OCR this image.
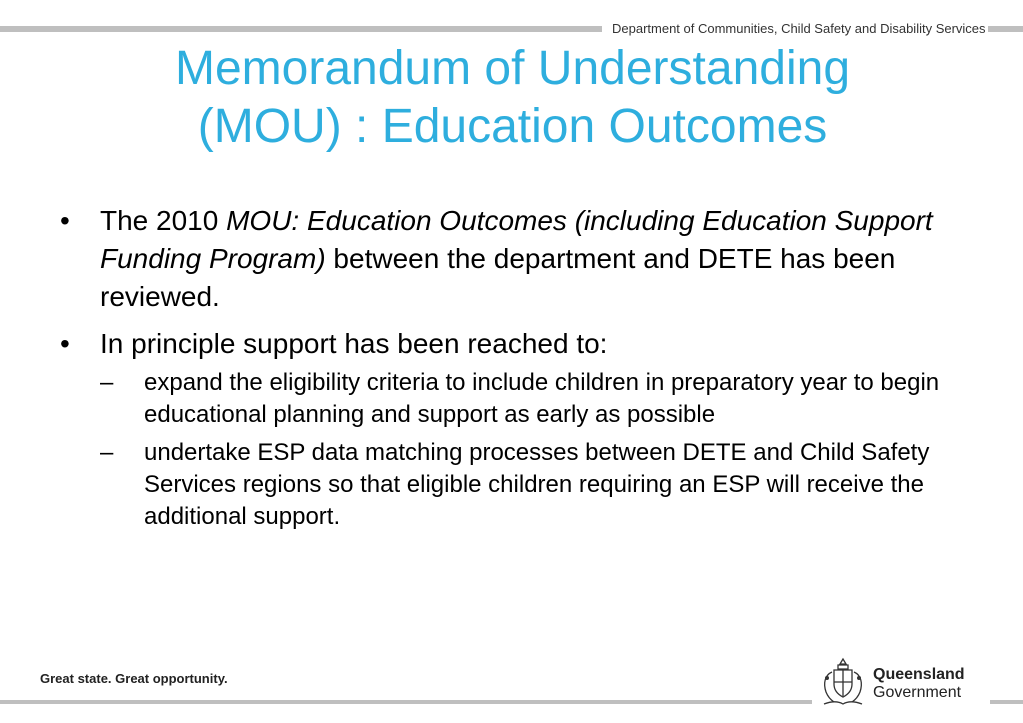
Department of Communities, Child Safety and Disability Services
Memorandum of Understanding
(MOU) : Education Outcomes
• The 2010 MOU: Education Outcomes (including Education Support Funding Program) between the department and DETE has been reviewed.
• In principle support has been reached to:
– expand the eligibility criteria to include children in preparatory year to begin educational planning and support as early as possible
– undertake ESP data matching processes between DETE and Child Safety Services regions so that eligible children requiring an ESP will receive the additional support.
Great state. Great opportunity.	Queensland
Government
